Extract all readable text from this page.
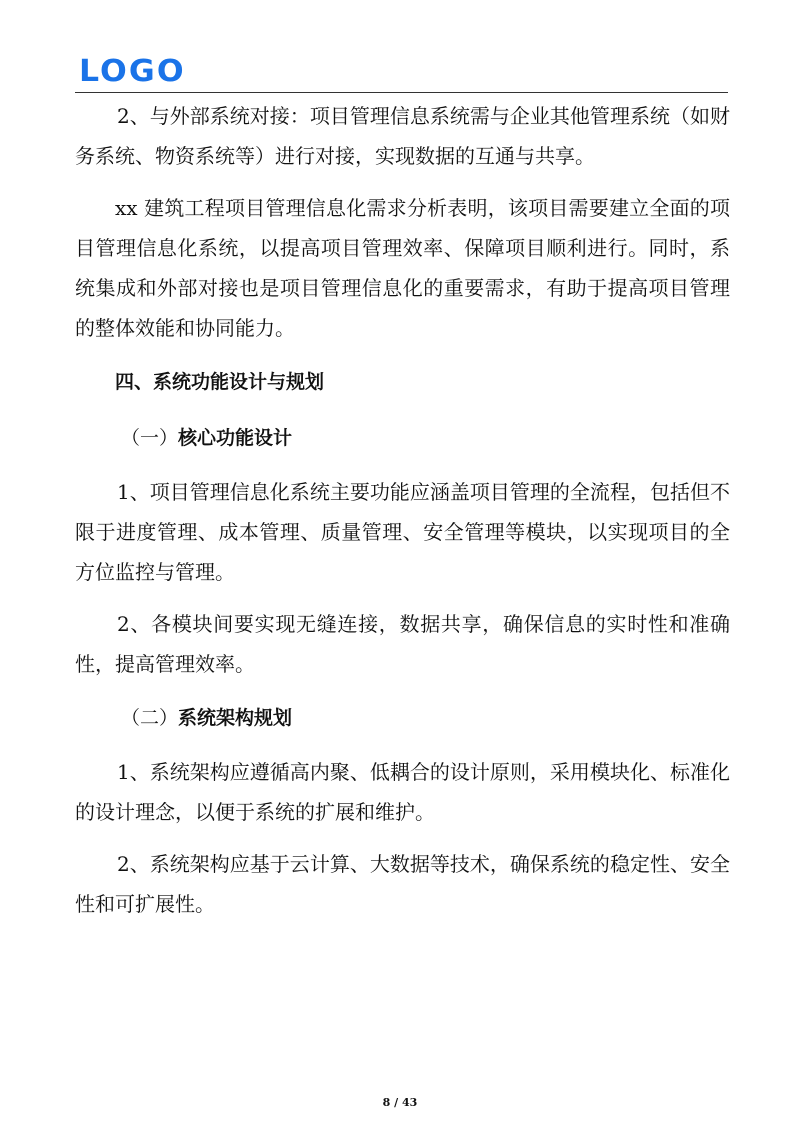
LOGO

2、与外部系统对接：项目管理信息系统需与企业其他管理系统（如财务系统、物资系统等）进行对接，实现数据的互通与共享。

xx 建筑工程项目管理信息化需求分析表明，该项目需要建立全面的项目管理信息化系统，以提高项目管理效率、保障项目顺利进行。同时，系统集成和外部对接也是项目管理信息化的重要需求，有助于提高项目管理的整体效能和协同能力。

四、系统功能设计与规划
（一）核心功能设计

1、项目管理信息化系统主要功能应涵盖项目管理的全流程，包括但不限于进度管理、成本管理、质量管理、安全管理等模块，以实现项目的全方位监控与管理。

2、各模块间要实现无缝连接，数据共享，确保信息的实时性和准确性，提高管理效率。

（二）系统架构规划

1、系统架构应遵循高内聚、低耦合的设计原则，采用模块化、标准化的设计理念，以便于系统的扩展和维护。

2、系统架构应基于云计算、大数据等技术，确保系统的稳定性、安全性和可扩展性。

8 / 43
